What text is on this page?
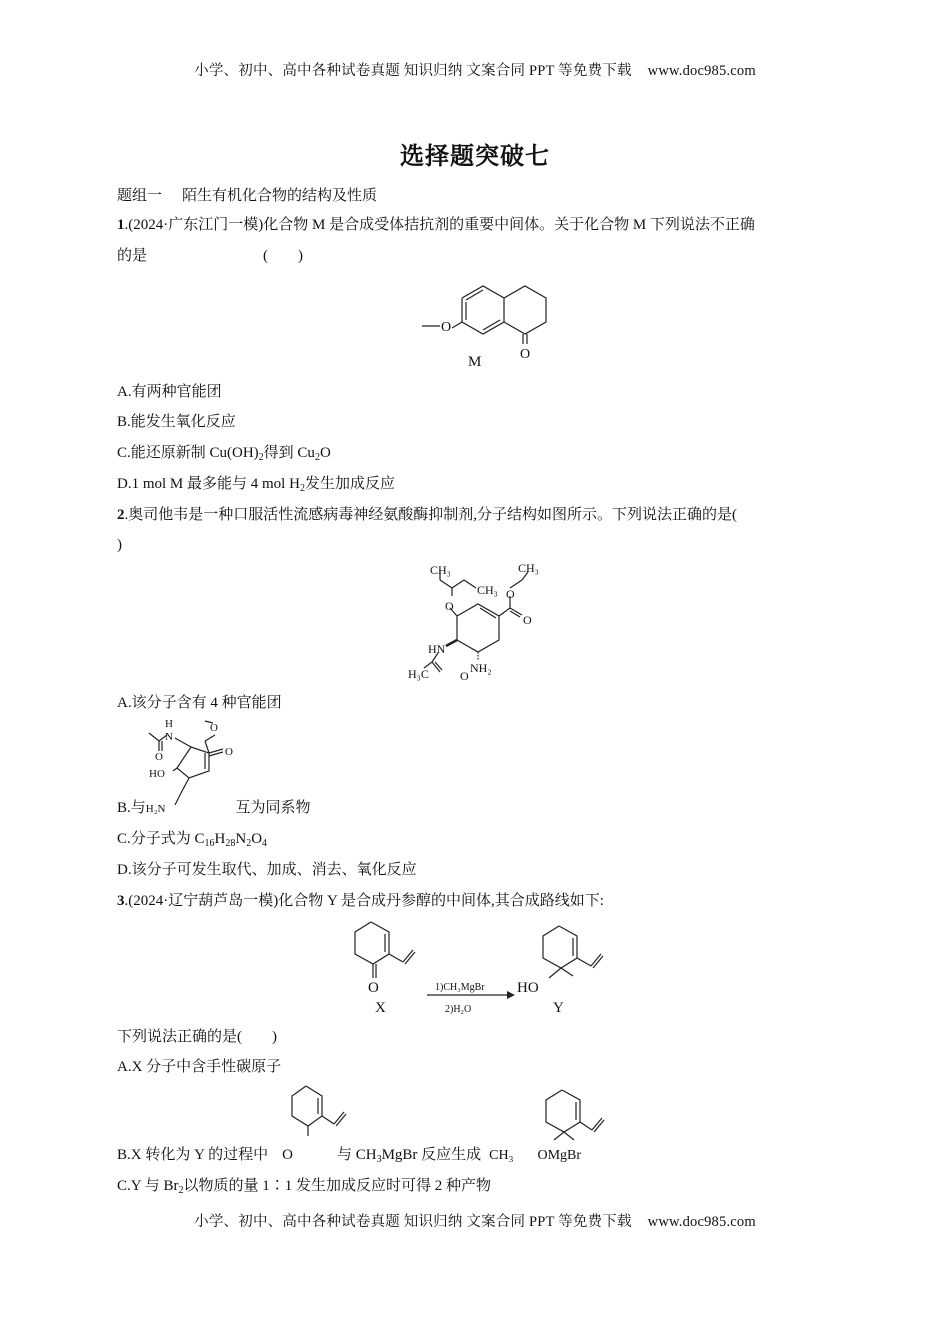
小学、初中、高中各种试卷真题 知识归纳 文案合同 PPT 等免费下载 www.doc985.com
选择题突破七
题组一 陌生有机化合物的结构及性质
1.(2024·广东江门一模)化合物 M 是合成受体拮抗剂的重要中间体。关于化合物 M 下列说法不正确
的是	(　　)
O
O
M
A.有两种官能团
B.能发生氧化反应
C.能还原新制 $Cu(OH)_2$得到 $Cu_2O$
D.1 mol M 最多能与 4 mol $H_2$发生加成反应
2.奥司他韦是一种口服活性流感病毒神经氨酸酶抑制剂,分子结构如图所示。下列说法正确的是(
)
CH₃
CH₃
CH₃
O
O
O
HN
H₃C	O
NH₂
A.该分子含有 4 种官能团
H
N
O
O
O
HO
B.与H₂N	互为同系物
C.分子式为 $C_{16}H_{28}N_2O_4$
D.该分子可发生取代、加成、消去、氧化反应
3.(2024·辽宁葫芦岛一模)化合物 Y 是合成丹参醇的中间体,其合成路线如下:
O
X
1)CH₃MgBr
2)H₂O
HO
Y
下列说法正确的是(　　)
A.X 分子中含手性碳原子
B.X 转化为 Y 的过程中 O	与 $CH_3MgBr$ 反应生成 CH₃ OMgBr
C.Y 与 $Br_2$以物质的量 1∶1 发生加成反应时可得 2 种产物
小学、初中、高中各种试卷真题 知识归纳 文案合同 PPT 等免费下载 www.doc985.com
